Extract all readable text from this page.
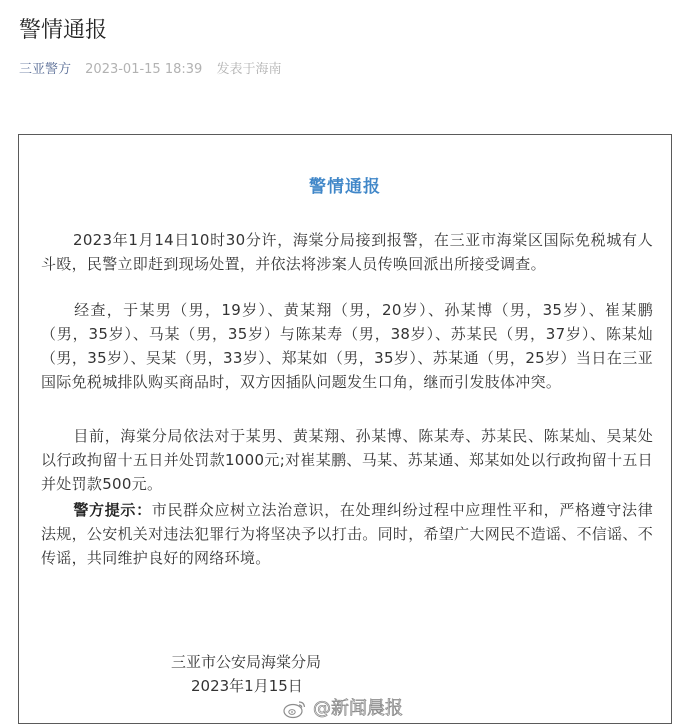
警情通报
三亚警方 2023-01-15 18:39 发表于海南
警情通报

2023年1月14日10时30分许，海棠分局接到报警，在三亚市海棠区国际免税城有人斗殴，民警立即赶到现场处置，并依法将涉案人员传唤回派出所接受调查。

经查，于某男（男，19岁）、黄某翔（男，20岁）、孙某博（男，35岁）、崔某鹏（男，35岁）、马某（男，35岁）与陈某寿（男，38岁）、苏某民（男，37岁）、陈某灿（男，35岁）、吴某（男，33岁）、郑某如（男，35岁）、苏某通（男，25岁）当日在三亚国际免税城排队购买商品时，双方因插队问题发生口角，继而引发肢体冲突。

目前，海棠分局依法对于某男、黄某翔、孙某博、陈某寿、苏某民、陈某灿、吴某处以行政拘留十五日并处罚款1000元;对崔某鹏、马某、苏某通、郑某如处以行政拘留十五日并处罚款500元。

警方提示：市民群众应树立法治意识，在处理纠纷过程中应理性平和，严格遵守法律法规，公安机关对违法犯罪行为将坚决予以打击。同时，希望广大网民不造谣、不信谣、不传谣，共同维护良好的网络环境。

三亚市公安局海棠分局
2023年1月15日
@新闻晨报
